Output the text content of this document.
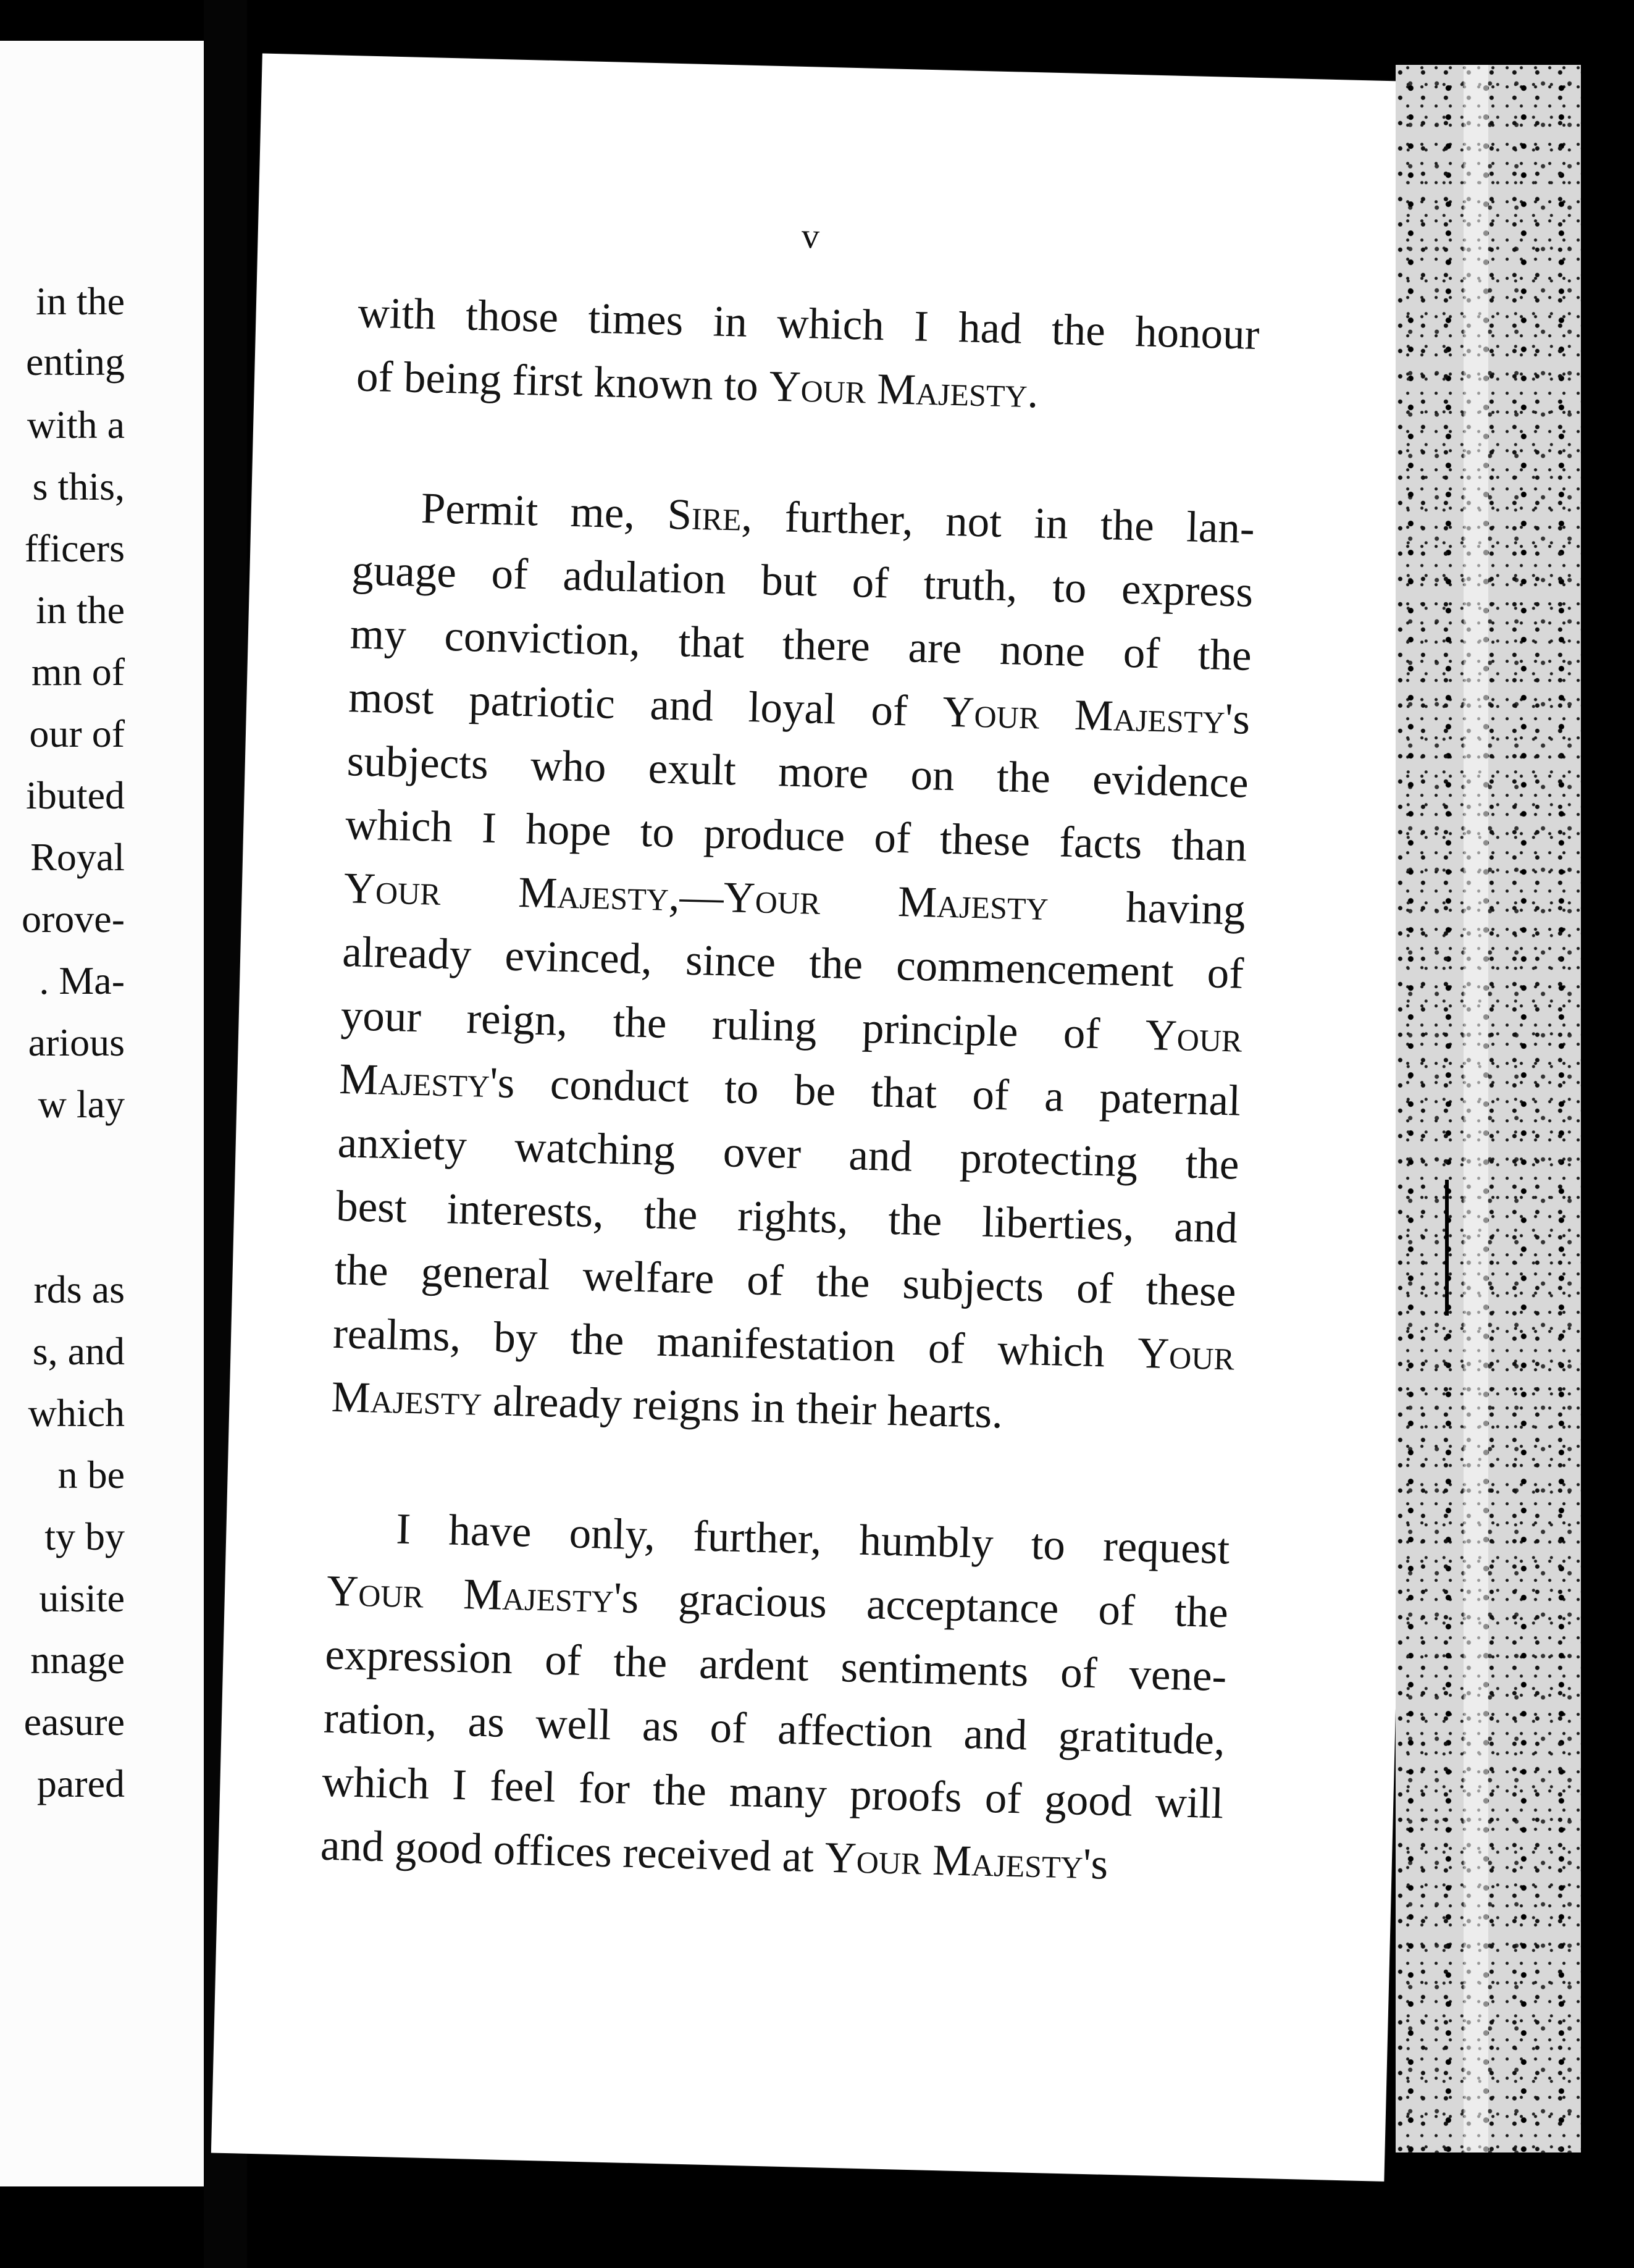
in the
enting
with a
s this,
fficers
in the
mn of
our of
ibuted
Royal
orove-
. Ma-
arious
w lay
rds as
s, and
which
n be
ty by
uisite
nnage
easure
pared
v
with those times in which I had the honour
of being first known to Your Majesty.
Permit me, Sire, further, not in the lan-
guage of adulation but of truth, to express
my conviction, that there are none of the
most patriotic and loyal of Your Majesty's
subjects who exult more on the evidence
which I hope to produce of these facts than
Your Majesty,—Your Majesty having
already evinced, since the commencement of
your reign, the ruling principle of Your
Majesty's conduct to be that of a paternal
anxiety watching over and protecting the
best interests, the rights, the liberties, and
the general welfare of the subjects of these
realms, by the manifestation of which Your
Majesty already reigns in their hearts.
I have only, further, humbly to request
Your Majesty's gracious acceptance of the
expression of the ardent sentiments of vene-
ration, as well as of affection and gratitude,
which I feel for the many proofs of good will
and good offices received at Your Majesty's
